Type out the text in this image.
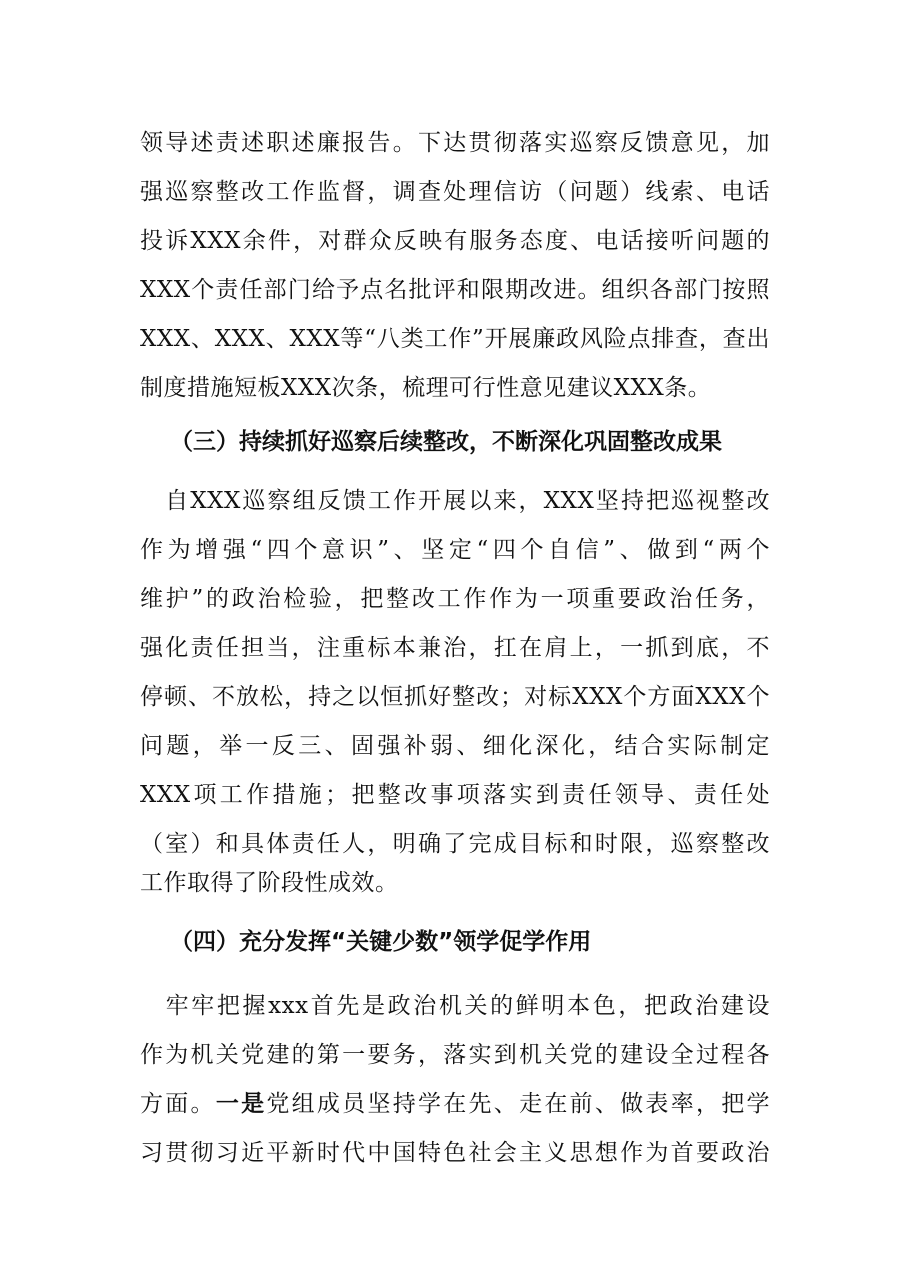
领导述责述职述廉报告。下达贯彻落实巡察反馈意见，加
强巡察整改工作监督，调查处理信访（问题）线索、电话
投诉XXX余件，对群众反映有服务态度、电话接听问题的
XXX个责任部门给予点名批评和限期改进。组织各部门按照
XXX、XXX、XXX等“八类工作”开展廉政风险点排查，查出
制度措施短板XXX次条，梳理可行性意见建议XXX条。
（三）持续抓好巡察后续整改，不断深化巩固整改成果
　自XXX巡察组反馈工作开展以来，XXX坚持把巡视整改
作为增强“四个意识”、坚定“四个自信”、做到“两个
维护”的政治检验，把整改工作作为一项重要政治任务，
强化责任担当，注重标本兼治，扛在肩上，一抓到底，不
停顿、不放松，持之以恒抓好整改；对标XXX个方面XXX个
问题，举一反三、固强补弱、细化深化，结合实际制定
XXX项工作措施；把整改事项落实到责任领导、责任处
（室）和具体责任人，明确了完成目标和时限，巡察整改
工作取得了阶段性成效。
（四）充分发挥“关键少数”领学促学作用
　牢牢把握xxx首先是政治机关的鲜明本色，把政治建设
作为机关党建的第一要务，落实到机关党的建设全过程各
方面。一是党组成员坚持学在先、走在前、做表率，把学
习贯彻习近平新时代中国特色社会主义思想作为首要政治
